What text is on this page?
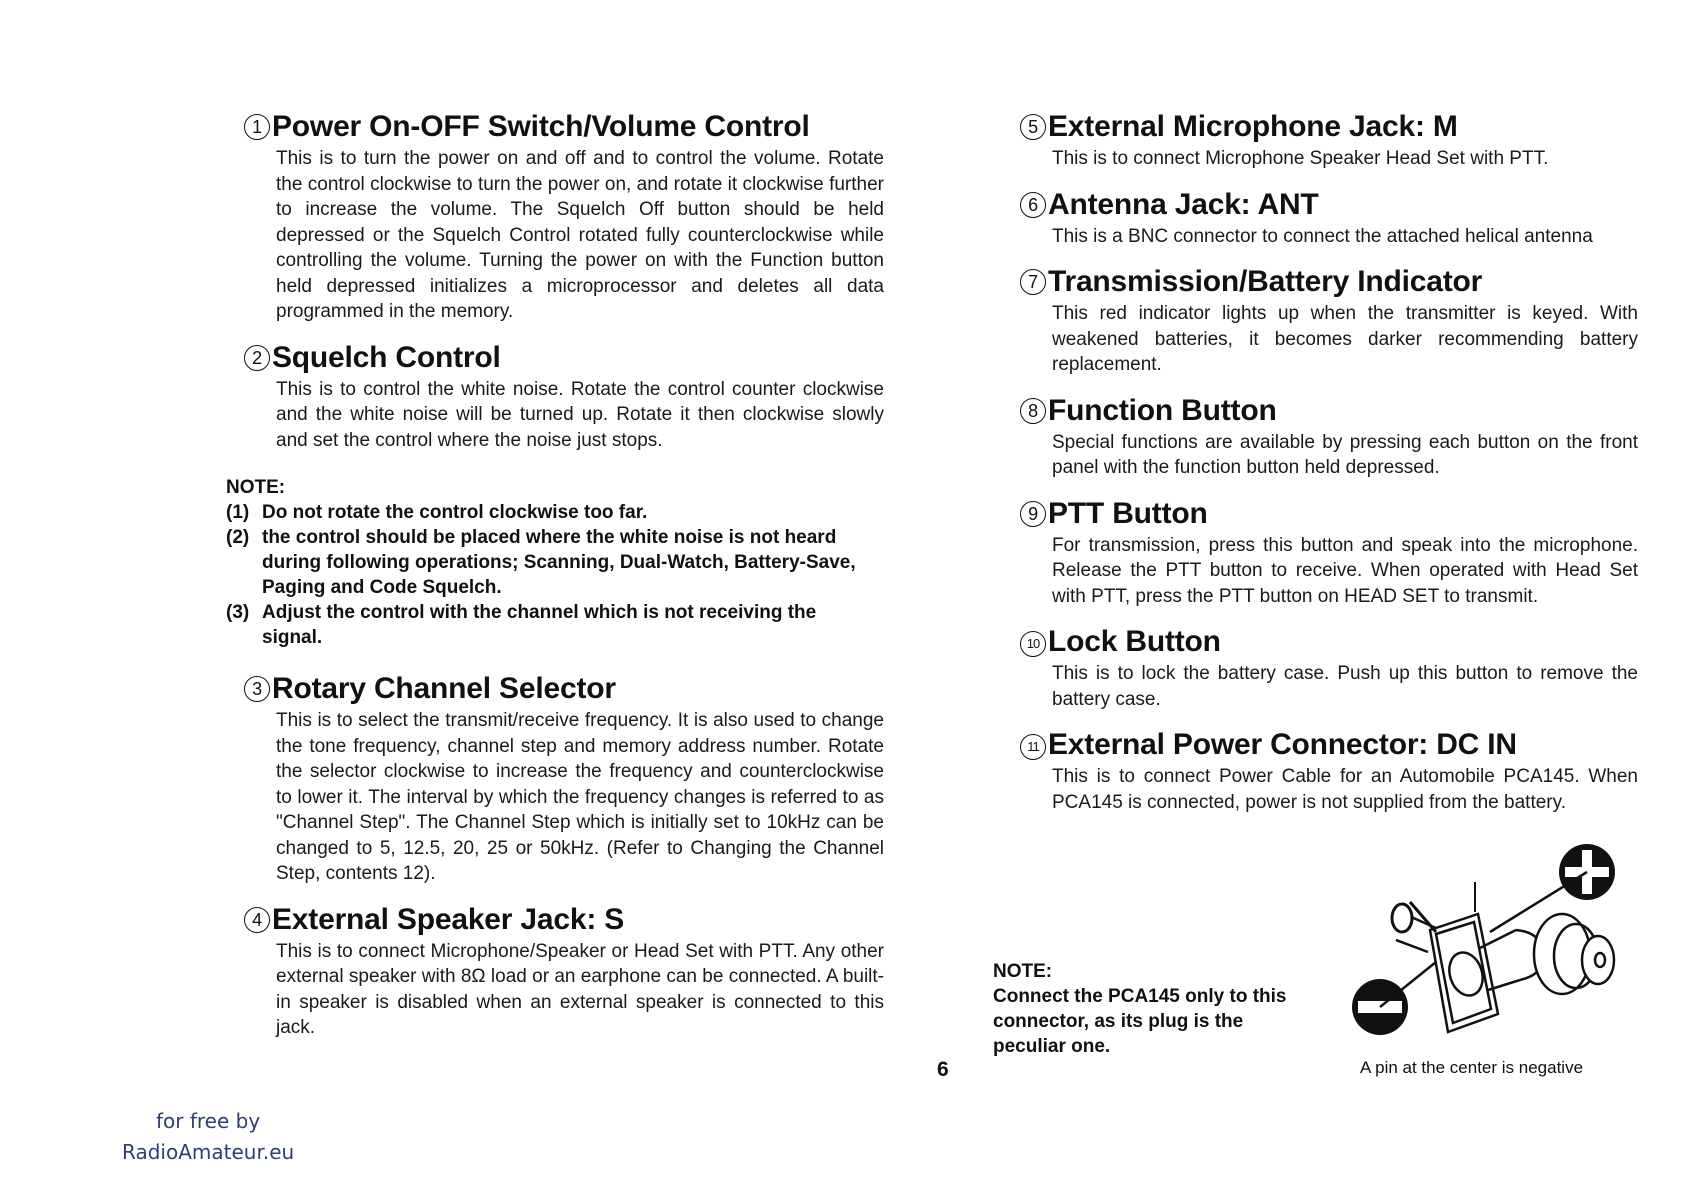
1 Power On-OFF Switch/Volume Control
This is to turn the power on and off and to control the volume. Rotate the control clockwise to turn the power on, and rotate it clockwise further to increase the volume. The Squelch Off button should be held depressed or the Squelch Control rotated fully counterclockwise while controlling the volume. Turning the power on with the Function button held depressed initializes a microprocessor and deletes all data programmed in the memory.
2 Squelch Control
This is to control the white noise. Rotate the control counter clockwise and the white noise will be turned up. Rotate it then clockwise slowly and set the control where the noise just stops.
NOTE:
(1) Do not rotate the control clockwise too far.
(2) the control should be placed where the white noise is not heard during following operations; Scanning, Dual-Watch, Battery-Save, Paging and Code Squelch.
(3) Adjust the control with the channel which is not receiving the signal.
3 Rotary Channel Selector
This is to select the transmit/receive frequency. It is also used to change the tone frequency, channel step and memory address number. Rotate the selector clockwise to increase the frequency and counterclockwise to lower it. The interval by which the frequency changes is referred to as "Channel Step". The Channel Step which is initially set to 10kHz can be changed to 5, 12.5, 20, 25 or 50kHz. (Refer to Changing the Channel Step, contents 12).
4 External Speaker Jack: S
This is to connect Microphone/Speaker or Head Set with PTT. Any other external speaker with 8Ω load or an earphone can be connected. A built-in speaker is disabled when an external speaker is connected to this jack.
5 External Microphone Jack: M
This is to connect Microphone Speaker Head Set with PTT.
6 Antenna Jack: ANT
This is a BNC connector to connect the attached helical antenna
7 Transmission/Battery Indicator
This red indicator lights up when the transmitter is keyed. With weakened batteries, it becomes darker recommending battery replacement.
8 Function Button
Special functions are available by pressing each button on the front panel with the function button held depressed.
9 PTT Button
For transmission, press this button and speak into the microphone. Release the PTT button to receive. When operated with Head Set with PTT, press the PTT button on HEAD SET to transmit.
10 Lock Button
This is to lock the battery case. Push up this button to remove the battery case.
11 External Power Connector: DC IN
This is to connect Power Cable for an Automobile PCA145. When PCA145 is connected, power is not supplied from the battery.
NOTE:
Connect the PCA145 only to this connector, as its plug is the peculiar one.
A pin at the center is negative
6
for free by
RadioAmateur.eu
